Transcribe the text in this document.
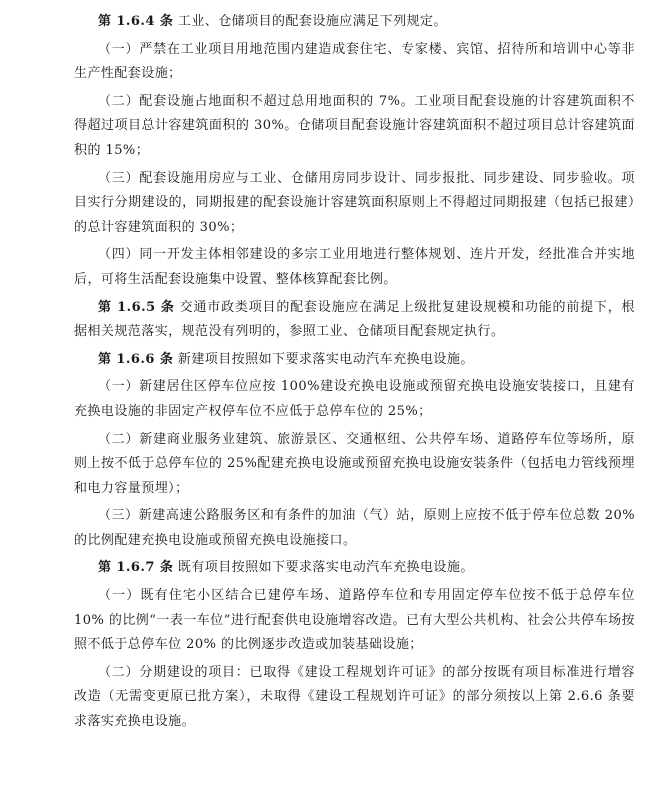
第 1.6.4 条 工业、仓储项目的配套设施应满足下列规定。

（一）严禁在工业项目用地范围内建造成套住宅、专家楼、宾馆、招待所和培训中心等非生产性配套设施；

（二）配套设施占地面积不超过总用地面积的 7%。工业项目配套设施的计容建筑面积不得超过项目总计容建筑面积的 30%。仓储项目配套设施计容建筑面积不超过项目总计容建筑面积的 15%；

（三）配套设施用房应与工业、仓储用房同步设计、同步报批、同步建设、同步验收。项目实行分期建设的，同期报建的配套设施计容建筑面积原则上不得超过同期报建（包括已报建）的总计容建筑面积的 30%；

（四）同一开发主体相邻建设的多宗工业用地进行整体规划、连片开发，经批准合并实地后，可将生活配套设施集中设置、整体核算配套比例。

第 1.6.5 条 交通市政类项目的配套设施应在满足上级批复建设规模和功能的前提下，根据相关规范落实，规范没有列明的，参照工业、仓储项目配套规定执行。

第 1.6.6 条 新建项目按照如下要求落实电动汽车充换电设施。

（一）新建居住区停车位应按 100%建设充换电设施或预留充换电设施安装接口，且建有充换电设施的非固定产权停车位不应低于总停车位的 25%；

（二）新建商业服务业建筑、旅游景区、交通枢纽、公共停车场、道路停车位等场所，原则上按不低于总停车位的 25%配建充换电设施或预留充换电设施安装条件（包括电力管线预埋和电力容量预埋）；

（三）新建高速公路服务区和有条件的加油（气）站，原则上应按不低于停车位总数 20%的比例配建充换电设施或预留充换电设施接口。

第 1.6.7 条 既有项目按照如下要求落实电动汽车充换电设施。

（一）既有住宅小区结合已建停车场、道路停车位和专用固定停车位按不低于总停车位 10% 的比例“一表一车位”进行配套供电设施增容改造。已有大型公共机构、社会公共停车场按照不低于总停车位 20% 的比例逐步改造或加装基础设施；

（二）分期建设的项目：已取得《建设工程规划许可证》的部分按既有项目标准进行增容改造（无需变更原已批方案），未取得《建设工程规划许可证》的部分须按以上第 2.6.6 条要求落实充换电设施。
